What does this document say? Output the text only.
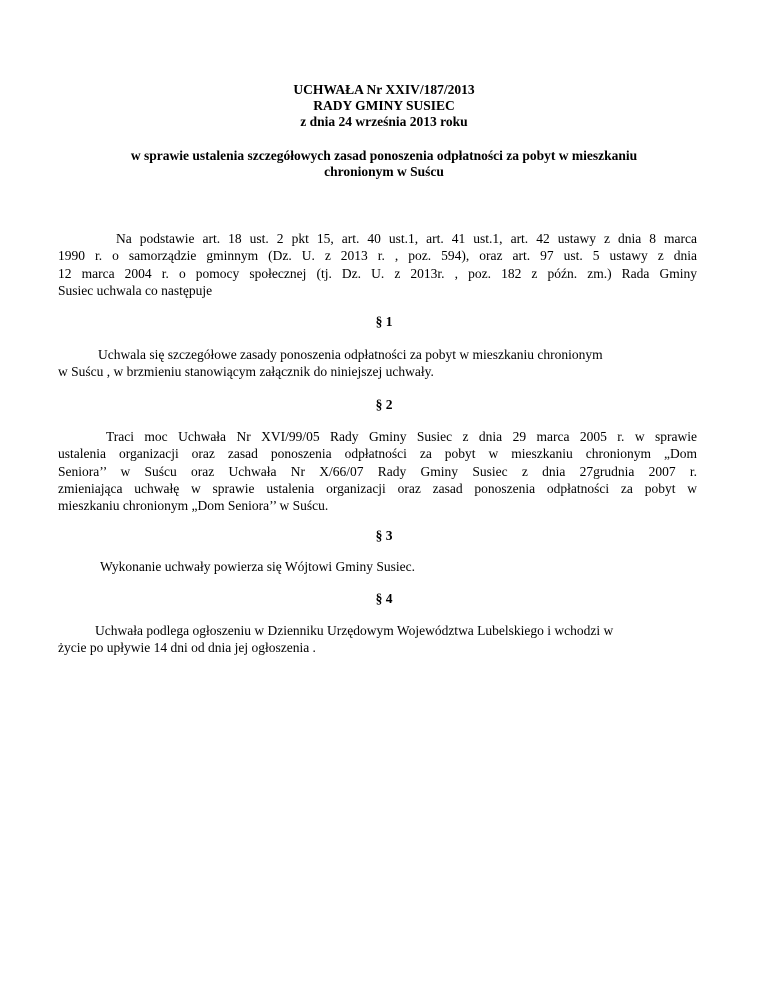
UCHWAŁA Nr XXIV/187/2013
RADY GMINY SUSIEC
z dnia 24 września 2013 roku
w sprawie ustalenia szczegółowych zasad ponoszenia odpłatności za pobyt w mieszkaniu
chronionym w Suścu
Na podstawie art. 18 ust. 2 pkt 15, art. 40 ust.1, art. 41 ust.1, art. 42 ustawy z dnia 8 marca
1990 r. o samorządzie gminnym (Dz. U. z 2013 r. , poz. 594), oraz art. 97 ust. 5 ustawy z dnia
12 marca 2004 r. o pomocy społecznej (tj. Dz. U. z 2013r. , poz. 182 z późn. zm.) Rada Gminy
Susiec uchwala co następuje
§ 1
Uchwala się szczegółowe zasady ponoszenia odpłatności za pobyt w mieszkaniu chronionym
w Suścu , w brzmieniu stanowiącym załącznik do niniejszej uchwały.
§ 2
Traci moc Uchwała Nr XVI/99/05 Rady Gminy Susiec z dnia 29 marca 2005 r. w sprawie
ustalenia organizacji oraz zasad ponoszenia odpłatności za pobyt w mieszkaniu chronionym „Dom
Seniora’’ w Suścu oraz Uchwała Nr X/66/07 Rady Gminy Susiec z dnia 27grudnia 2007 r.
zmieniająca uchwałę w sprawie ustalenia organizacji oraz zasad ponoszenia odpłatności za pobyt w
mieszkaniu chronionym „Dom Seniora’’ w Suścu.
§ 3
Wykonanie uchwały powierza się Wójtowi Gminy Susiec.
§ 4
Uchwała podlega ogłoszeniu w Dzienniku Urzędowym Województwa Lubelskiego i wchodzi w
życie po upływie 14 dni od dnia jej ogłoszenia .
